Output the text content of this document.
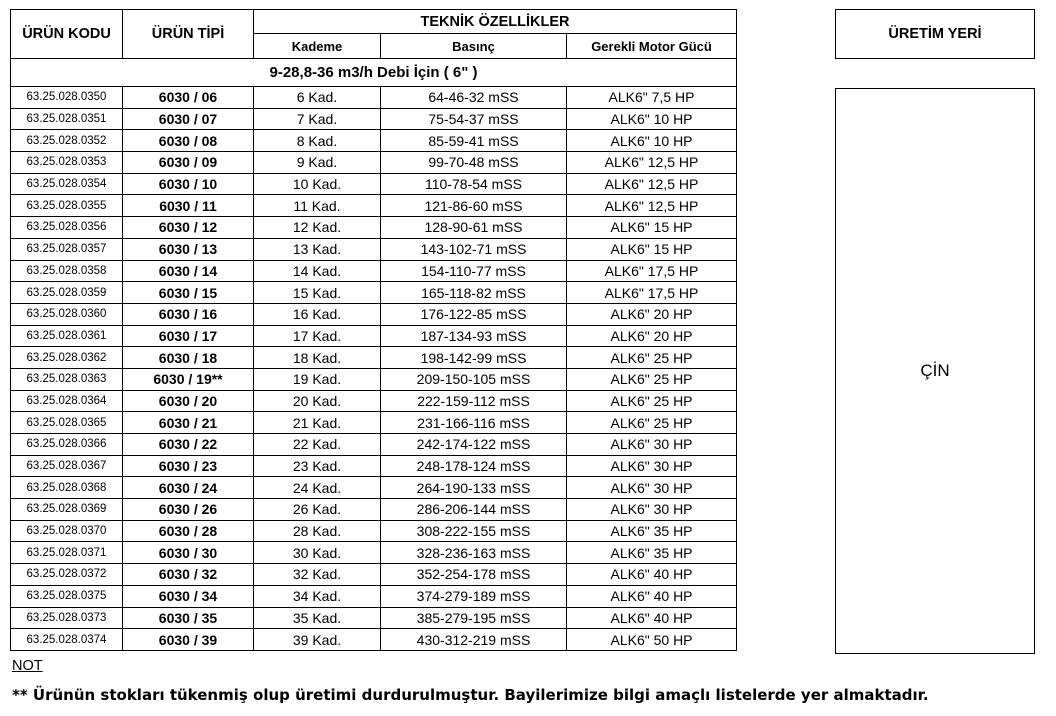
ÜRÜN KODU	ÜRÜN TİPİ	TEKNİK ÖZELLİKLER		
		Kademe	Basınç	Gerekli Motor Gücü
9-28,8-36 m3/h Debi İçin ( 6" )				
63.25.028.0350	6030 / 06	6 Kad.	64-46-32 mSS	ALK6" 7,5 HP
63.25.028.0351	6030 / 07	7 Kad.	75-54-37 mSS	ALK6" 10 HP
63.25.028.0352	6030 / 08	8 Kad.	85-59-41 mSS	ALK6" 10 HP
63.25.028.0353	6030 / 09	9 Kad.	99-70-48 mSS	ALK6" 12,5 HP
63.25.028.0354	6030 / 10	10 Kad.	110-78-54 mSS	ALK6" 12,5 HP
63.25.028.0355	6030 / 11	11 Kad.	121-86-60 mSS	ALK6" 12,5 HP
63.25.028.0356	6030 / 12	12 Kad.	128-90-61 mSS	ALK6" 15 HP
63.25.028.0357	6030 / 13	13 Kad.	143-102-71 mSS	ALK6" 15 HP
63.25.028.0358	6030 / 14	14 Kad.	154-110-77 mSS	ALK6" 17,5 HP
63.25.028.0359	6030 / 15	15 Kad.	165-118-82 mSS	ALK6" 17,5 HP
63.25.028.0360	6030 / 16	16 Kad.	176-122-85 mSS	ALK6" 20 HP
63.25.028.0361	6030 / 17	17 Kad.	187-134-93 mSS	ALK6" 20 HP
63.25.028.0362	6030 / 18	18 Kad.	198-142-99 mSS	ALK6" 25 HP
63.25.028.0363	6030 / 19**	19 Kad.	209-150-105 mSS	ALK6" 25 HP
63.25.028.0364	6030 / 20	20 Kad.	222-159-112 mSS	ALK6" 25 HP
63.25.028.0365	6030 / 21	21 Kad.	231-166-116 mSS	ALK6" 25 HP
63.25.028.0366	6030 / 22	22 Kad.	242-174-122 mSS	ALK6" 30 HP
63.25.028.0367	6030 / 23	23 Kad.	248-178-124 mSS	ALK6" 30 HP
63.25.028.0368	6030 / 24	24 Kad.	264-190-133 mSS	ALK6" 30 HP
63.25.028.0369	6030 / 26	26 Kad.	286-206-144 mSS	ALK6" 30 HP
63.25.028.0370	6030 / 28	28 Kad.	308-222-155 mSS	ALK6" 35 HP
63.25.028.0371	6030 / 30	30 Kad.	328-236-163 mSS	ALK6" 35 HP
63.25.028.0372	6030 / 32	32 Kad.	352-254-178 mSS	ALK6" 40 HP
63.25.028.0375	6030 / 34	34 Kad.	374-279-189 mSS	ALK6" 40 HP
63.25.028.0373	6030 / 35	35 Kad.	385-279-195 mSS	ALK6" 40 HP
63.25.028.0374	6030 / 39	39 Kad.	430-312-219 mSS	ALK6" 50 HP
ÜRETİM YERİ

ÇİN
NOT
** Ürünün stokları tükenmiş olup üretimi durdurulmuştur. Bayilerimize bilgi amaçlı listelerde yer almaktadır.
